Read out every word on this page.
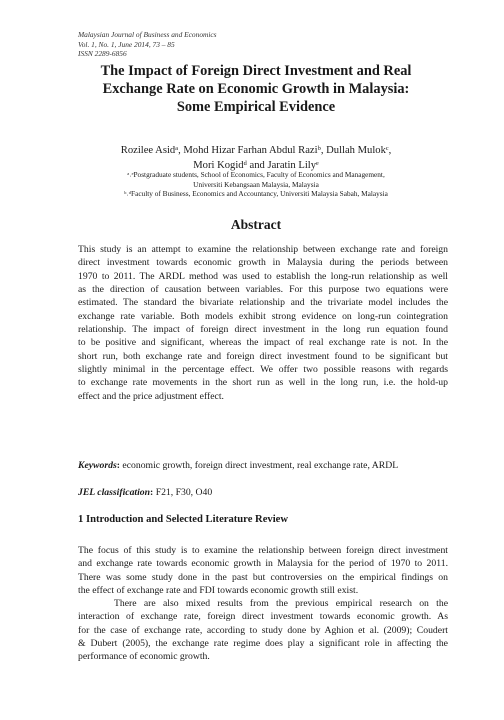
Malaysian Journal of Business and Economics
Vol. 1, No. 1, June 2014, 73 – 85
ISSN 2289-6856
The Impact of Foreign Direct Investment and Real
Exchange Rate on Economic Growth in Malaysia:
Some Empirical Evidence
Rozilee Asidᵃ, Mohd Hizar Farhan Abdul Raziᵇ, Dullah Mulokᶜ,
Mori Kogidᵈ and Jaratin Lilyᵉ
ᵃ˒ᵉPostgraduate students, School of Economics, Faculty of Economics and Management,
Universiti Kebangsaan Malaysia, Malaysia
ᵇ˒ᵈFaculty of Business, Economics and Accountancy, Universiti Malaysia Sabah, Malaysia
Abstract
This study is an attempt to examine the relationship between exchange rate and foreign
direct investment towards economic growth in Malaysia during the periods between
1970 to 2011. The ARDL method was used to establish the long-run relationship as well
as the direction of causation between variables. For this purpose two equations were
estimated. The standard the bivariate relationship and the trivariate model includes the
exchange rate variable. Both models exhibit strong evidence on long-run cointegration
relationship. The impact of foreign direct investment in the long run equation found
to be positive and significant, whereas the impact of real exchange rate is not. In the
short run, both exchange rate and foreign direct investment found to be significant but
slightly minimal in the percentage effect. We offer two possible reasons with regards
to exchange rate movements in the short run as well in the long run, i.e. the hold-up
effect and the price adjustment effect.
Keywords: economic growth, foreign direct investment, real exchange rate, ARDL
JEL classification: F21, F30, O40
1 Introduction and Selected Literature Review
The focus of this study is to examine the relationship between foreign direct investment
and exchange rate towards economic growth in Malaysia for the period of 1970 to 2011.
There was some study done in the past but controversies on the empirical findings on
the effect of exchange rate and FDI towards economic growth still exist.
There are also mixed results from the previous empirical research on the
interaction of exchange rate, foreign direct investment towards economic growth. As
for the case of exchange rate, according to study done by Aghion et al. (2009); Coudert
& Dubert (2005), the exchange rate regime does play a significant role in affecting the
performance of economic growth.
